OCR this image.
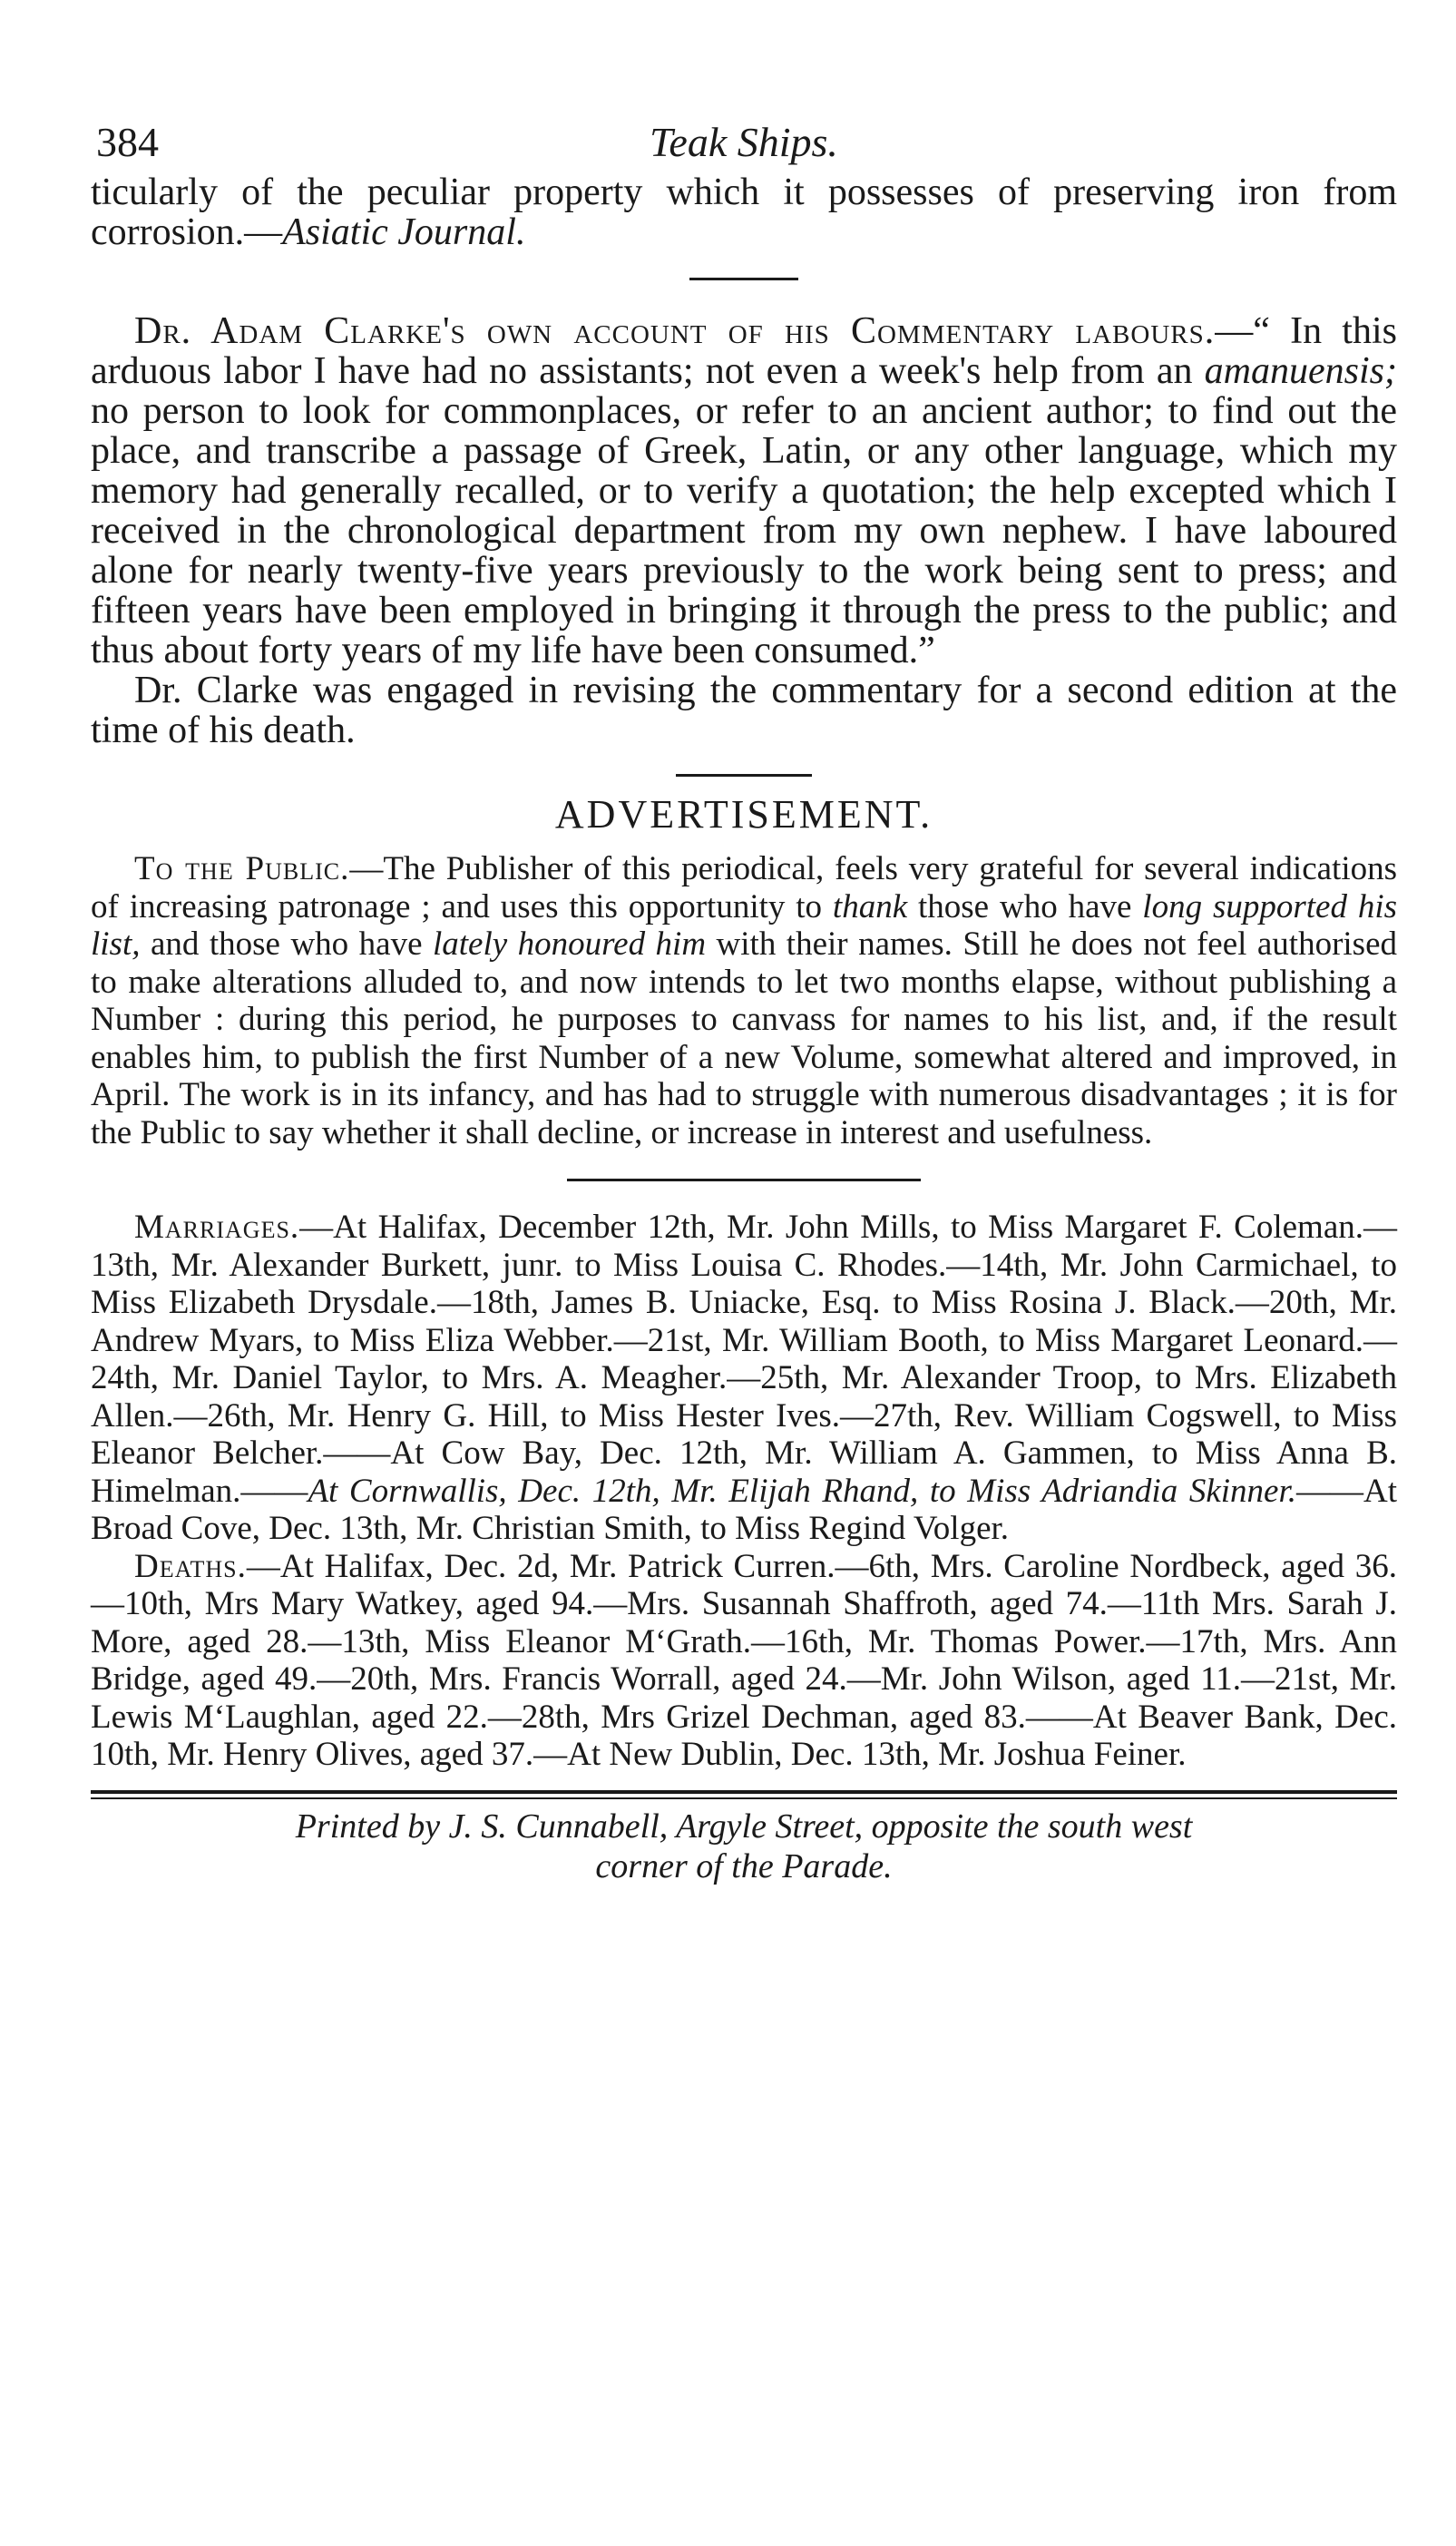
384	Teak Ships.

ticularly of the peculiar property which it possesses of preserving iron from corrosion.—Asiatic Journal.

Dr. Adam Clarke's own account of his Commentary labours.—“ In this arduous labor I have had no assistants; not even a week's help from an amanuensis; no person to look for commonplaces, or refer to an ancient author; to find out the place, and transcribe a passage of Greek, Latin, or any other language, which my memory had generally recalled, or to verify a quotation; the help excepted which I received in the chronological department from my own nephew. I have laboured alone for nearly twenty-five years previously to the work being sent to press; and fifteen years have been employed in bringing it through the press to the public; and thus about forty years of my life have been consumed.”

Dr. Clarke was engaged in revising the commentary for a second edition at the time of his death.

ADVERTISEMENT.

To the Public.—The Publisher of this periodical, feels very grateful for several indications of increasing patronage ; and uses this opportunity to thank those who have long supported his list, and those who have lately honoured him with their names. Still he does not feel authorised to make alterations alluded to, and now intends to let two months elapse, without publishing a Number : during this period, he purposes to canvass for names to his list, and, if the result enables him, to publish the first Number of a new Volume, somewhat altered and improved, in April. The work is in its infancy, and has had to struggle with numerous disadvantages ; it is for the Public to say whether it shall decline, or increase in interest and usefulness.

Marriages.—At Halifax, December 12th, Mr. John Mills, to Miss Margaret F. Coleman.—13th, Mr. Alexander Burkett, junr. to Miss Louisa C. Rhodes.—14th, Mr. John Carmichael, to Miss Elizabeth Drysdale.—18th, James B. Uniacke, Esq. to Miss Rosina J. Black.—20th, Mr. Andrew Myars, to Miss Eliza Webber.—21st, Mr. William Booth, to Miss Margaret Leonard.—24th, Mr. Daniel Taylor, to Mrs. A. Meagher.—25th, Mr. Alexander Troop, to Mrs. Elizabeth Allen.—26th, Mr. Henry G. Hill, to Miss Hester Ives.—27th, Rev. William Cogswell, to Miss Eleanor Belcher.——At Cow Bay, Dec. 12th, Mr. William A. Gammen, to Miss Anna B. Himelman.——At Cornwallis, Dec. 12th, Mr. Elijah Rhand, to Miss Adriandia Skinner.——At Broad Cove, Dec. 13th, Mr. Christian Smith, to Miss Regind Volger.

Deaths.—At Halifax, Dec. 2d, Mr. Patrick Curren.—6th, Mrs. Caroline Nordbeck, aged 36.—10th, Mrs Mary Watkey, aged 94.—Mrs. Susannah Shaffroth, aged 74.—11th Mrs. Sarah J. More, aged 28.—13th, Miss Eleanor M‘Grath.—16th, Mr. Thomas Power.—17th, Mrs. Ann Bridge, aged 49.—20th, Mrs. Francis Worrall, aged 24.—Mr. John Wilson, aged 11.—21st, Mr. Lewis M‘Laughlan, aged 22.—28th, Mrs Grizel Dechman, aged 83.——At Beaver Bank, Dec. 10th, Mr. Henry Olives, aged 37.—At New Dublin, Dec. 13th, Mr. Joshua Feiner.

Printed by J. S. Cunnabell, Argyle Street, opposite the south west
corner of the Parade.
